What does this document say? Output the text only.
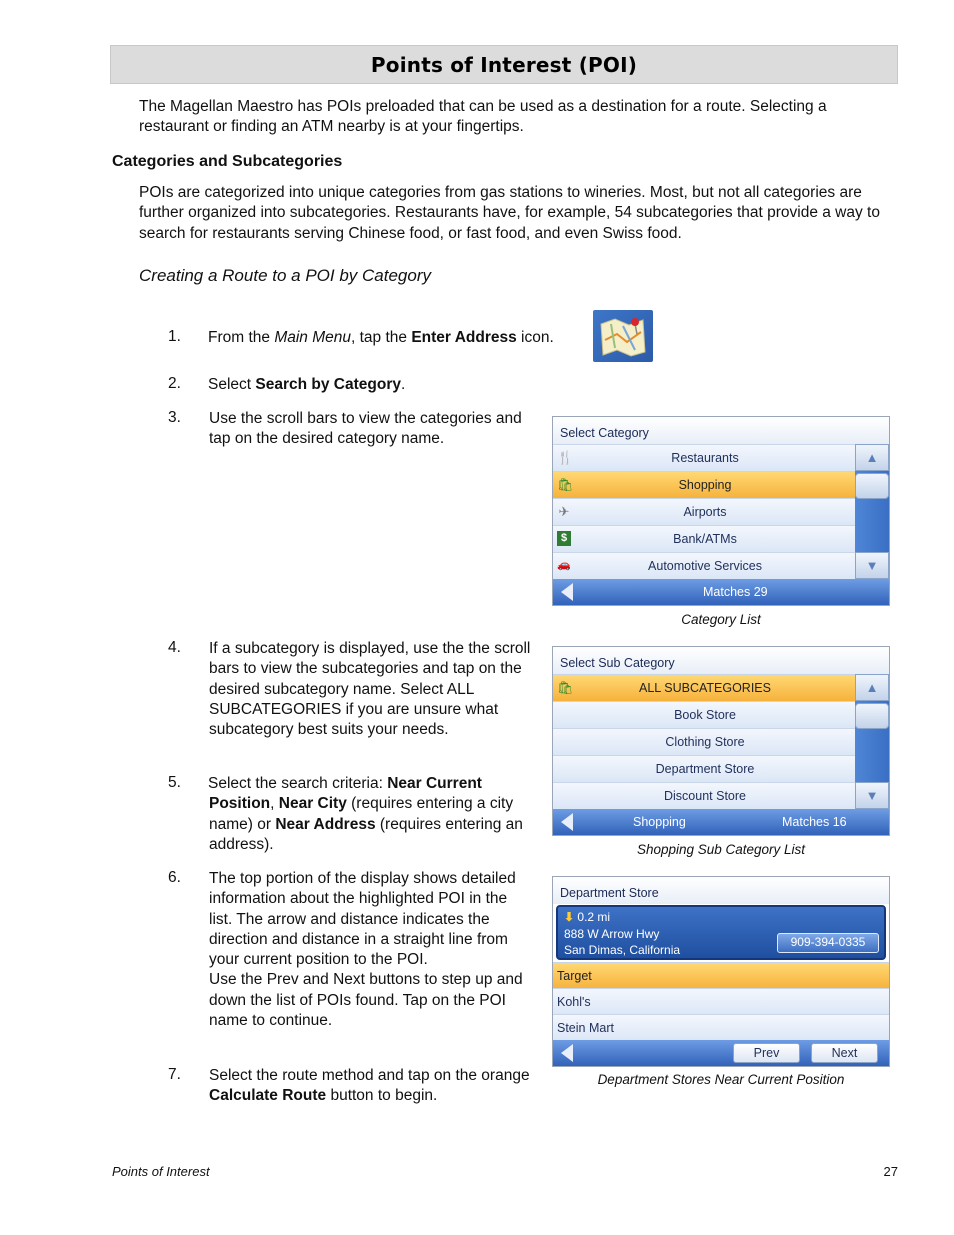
Points of Interest (POI)
The Magellan Maestro has POIs preloaded that can be used as a destination for a route. Selecting a restaurant or finding an ATM nearby is at your fingertips.
Categories and Subcategories
POIs are categorized into unique categories from gas stations to wineries. Most, but not all categories are further organized into subcategories. Restaurants have, for example, 54 subcategories that provide a way to search for restaurants serving Chinese food, or fast food, and even Swiss food.
Creating a Route to a POI by Category
1. From the Main Menu, tap the Enter Address icon.
2. Select Search by Category.
3. Use the scroll bars to view the categories and tap on the desired category name.
4. If a subcategory is displayed, use the the scroll bars to view the subcategories and tap on the desired subcategory name. Select ALL SUBCATEGORIES if you are unsure what subcategory best suits your needs.
5. Select the search criteria: Near Current Position, Near City (requires entering a city name) or Near Address (requires entering an address).
6. The top portion of the display shows detailed information about the highlighted POI in the list. The arrow and distance indicates the direction and distance in a straight line from your current position to the POI.
Use the Prev and Next buttons to step up and down the list of POIs found. Tap on the POI name to continue.
7. Select the route method and tap on the orange Calculate Route button to begin.
Select Category
🍴	Restaurants
🛍	Shopping
✈	Airports
$	Bank/ATMs
🚗	Automotive Services
▲
▼
Matches 29
Category List
Select Sub Category
🛍	ALL SUBCATEGORIES
Book Store
Clothing Store
Department Store
Discount Store
▲
▼
Shopping	Matches 16
Shopping Sub Category List
Department Store
⬇ 0.2 mi
888 W Arrow Hwy
San Dimas, California
909-394-0335
Target
Kohl's
Stein Mart
Prev	Next
Department Stores Near Current Position
Points of Interest	27
